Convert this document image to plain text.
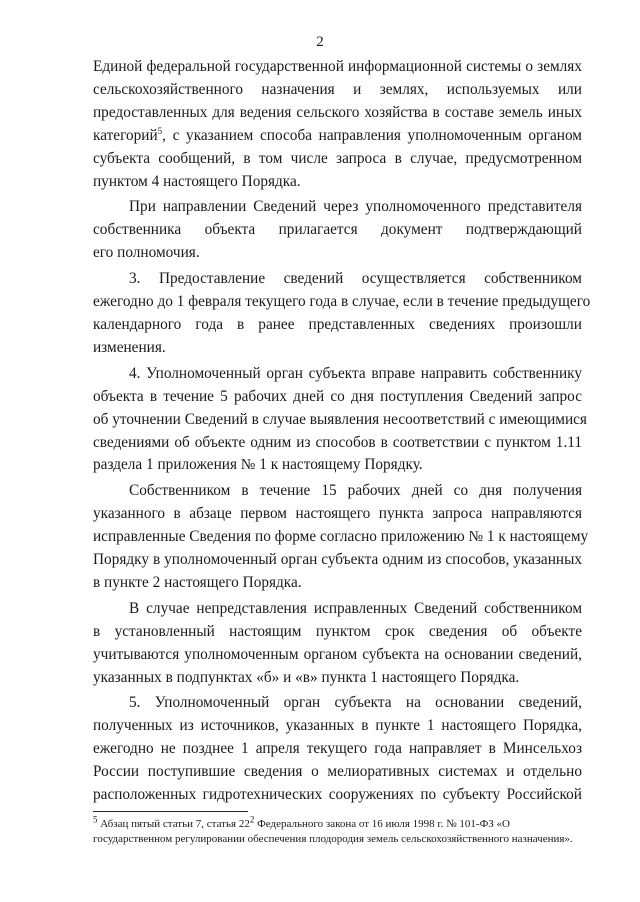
2
Единой федеральной государственной информационной системы о землях
сельскохозяйственного назначения и землях, используемых или
предоставленных для ведения сельского хозяйства в составе земель иных
категорий$^5$, с указанием способа направления уполномоченным органом
субъекта сообщений, в том числе запроса в случае, предусмотренном
пунктом 4 настоящего Порядка.
При направлении Сведений через уполномоченного представителя
собственника объекта прилагается документ подтверждающий
его полномочия.
3. Предоставление сведений осуществляется собственником
ежегодно до 1 февраля текущего года в случае, если в течение предыдущего
календарного года в ранее представленных сведениях произошли
изменения.
4. Уполномоченный орган субъекта вправе направить собственнику
объекта в течение 5 рабочих дней со дня поступления Сведений запрос
об уточнении Сведений в случае выявления несоответствий с имеющимися
сведениями об объекте одним из способов в соответствии с пунктом 1.11
раздела 1 приложения № 1 к настоящему Порядку.
Собственником в течение 15 рабочих дней со дня получения
указанного в абзаце первом настоящего пункта запроса направляются
исправленные Сведения по форме согласно приложению № 1 к настоящему
Порядку в уполномоченный орган субъекта одним из способов, указанных
в пункте 2 настоящего Порядка.
В случае непредставления исправленных Сведений собственником
в установленный настоящим пунктом срок сведения об объекте
учитываются уполномоченным органом субъекта на основании сведений,
указанных в подпунктах «б» и «в» пункта 1 настоящего Порядка.
5. Уполномоченный орган субъекта на основании сведений,
полученных из источников, указанных в пункте 1 настоящего Порядка,
ежегодно не позднее 1 апреля текущего года направляет в Минсельхоз
России поступившие сведения о мелиоративных системах и отдельно
расположенных гидротехнических сооружениях по субъекту Российской
$^5$ Абзац пятый статьи 7, статья $22^2$ Федерального закона от 16 июля 1998 г. № 101-ФЗ «О государственном регулировании обеспечения плодородия земель сельскохозяйственного назначения».
